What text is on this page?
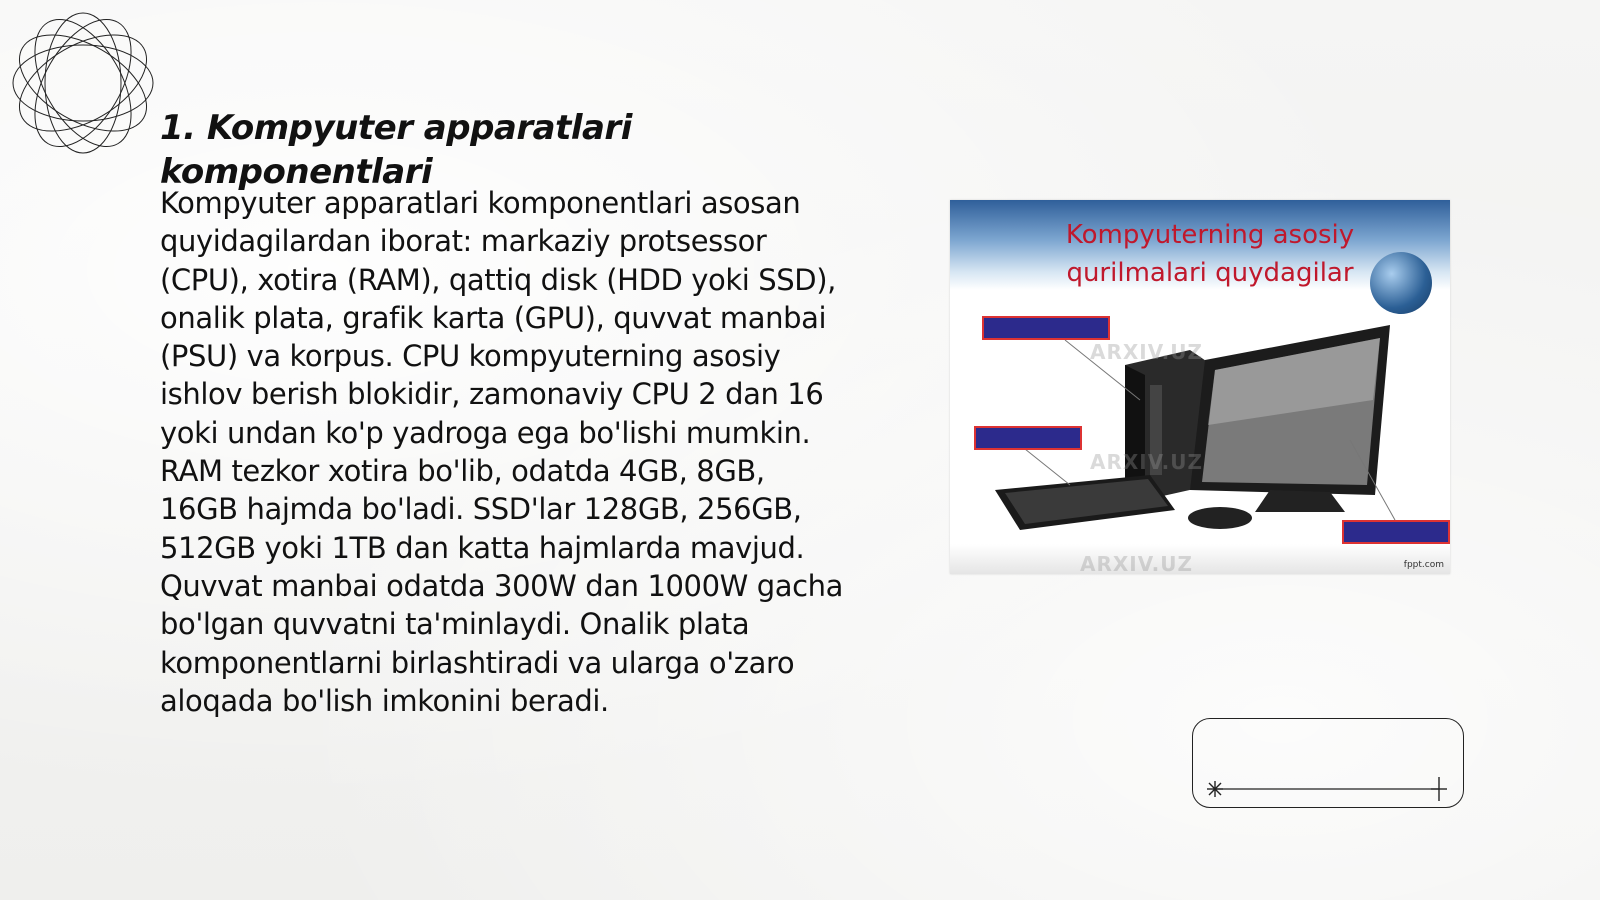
1. Kompyuter apparatlari komponentlari

Kompyuter apparatlari komponentlari asosan quyidagilardan iborat: markaziy protsessor (CPU), xotira (RAM), qattiq disk (HDD yoki SSD), onalik plata, grafik karta (GPU), quvvat manbai (PSU) va korpus. CPU kompyuterning asosiy ishlov berish blokidir, zamonaviy CPU 2 dan 16 yoki undan ko'p yadroga ega bo'lishi mumkin. RAM tezkor xotira bo'lib, odatda 4GB, 8GB, 16GB hajmda bo'ladi. SSD'lar 128GB, 256GB, 512GB yoki 1TB dan katta hajmlarda mavjud. Quvvat manbai odatda 300W dan 1000W gacha bo'lgan quvvatni ta'minlaydi. Onalik plata komponentlarni birlashtiradi va ularga o'zaro aloqada bo'lish imkonini beradi.

Kompyuterning asosiy qurilmalari quydagilar

ARXIV.UZ
ARXIV.UZ
ARXIV.UZ	fppt.com
